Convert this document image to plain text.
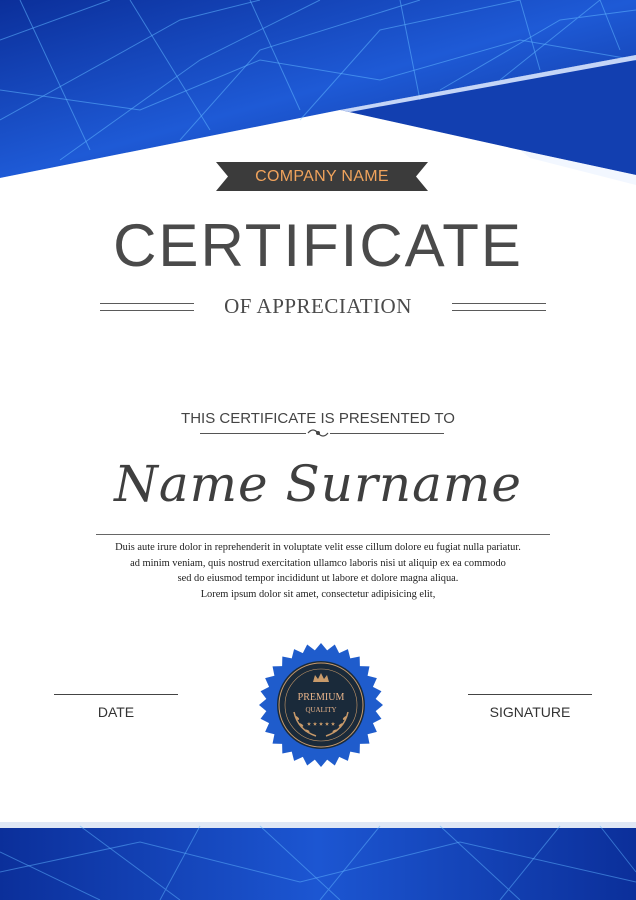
COMPANY NAME
CERTIFICATE
OF APPRECIATION
THIS CERTIFICATE IS PRESENTED TO
Name Surname
Duis aute irure dolor in reprehenderit in voluptate velit esse cillum dolore eu fugiat nulla pariatur.
ad minim veniam, quis nostrud exercitation ullamco laboris nisi ut aliquip ex ea commodo
sed do eiusmod tempor incididunt ut labore et dolore magna aliqua.
Lorem ipsum dolor sit amet, consectetur adipisicing elit,
DATE	SIGNATURE
PREMIUM
QUALITY
